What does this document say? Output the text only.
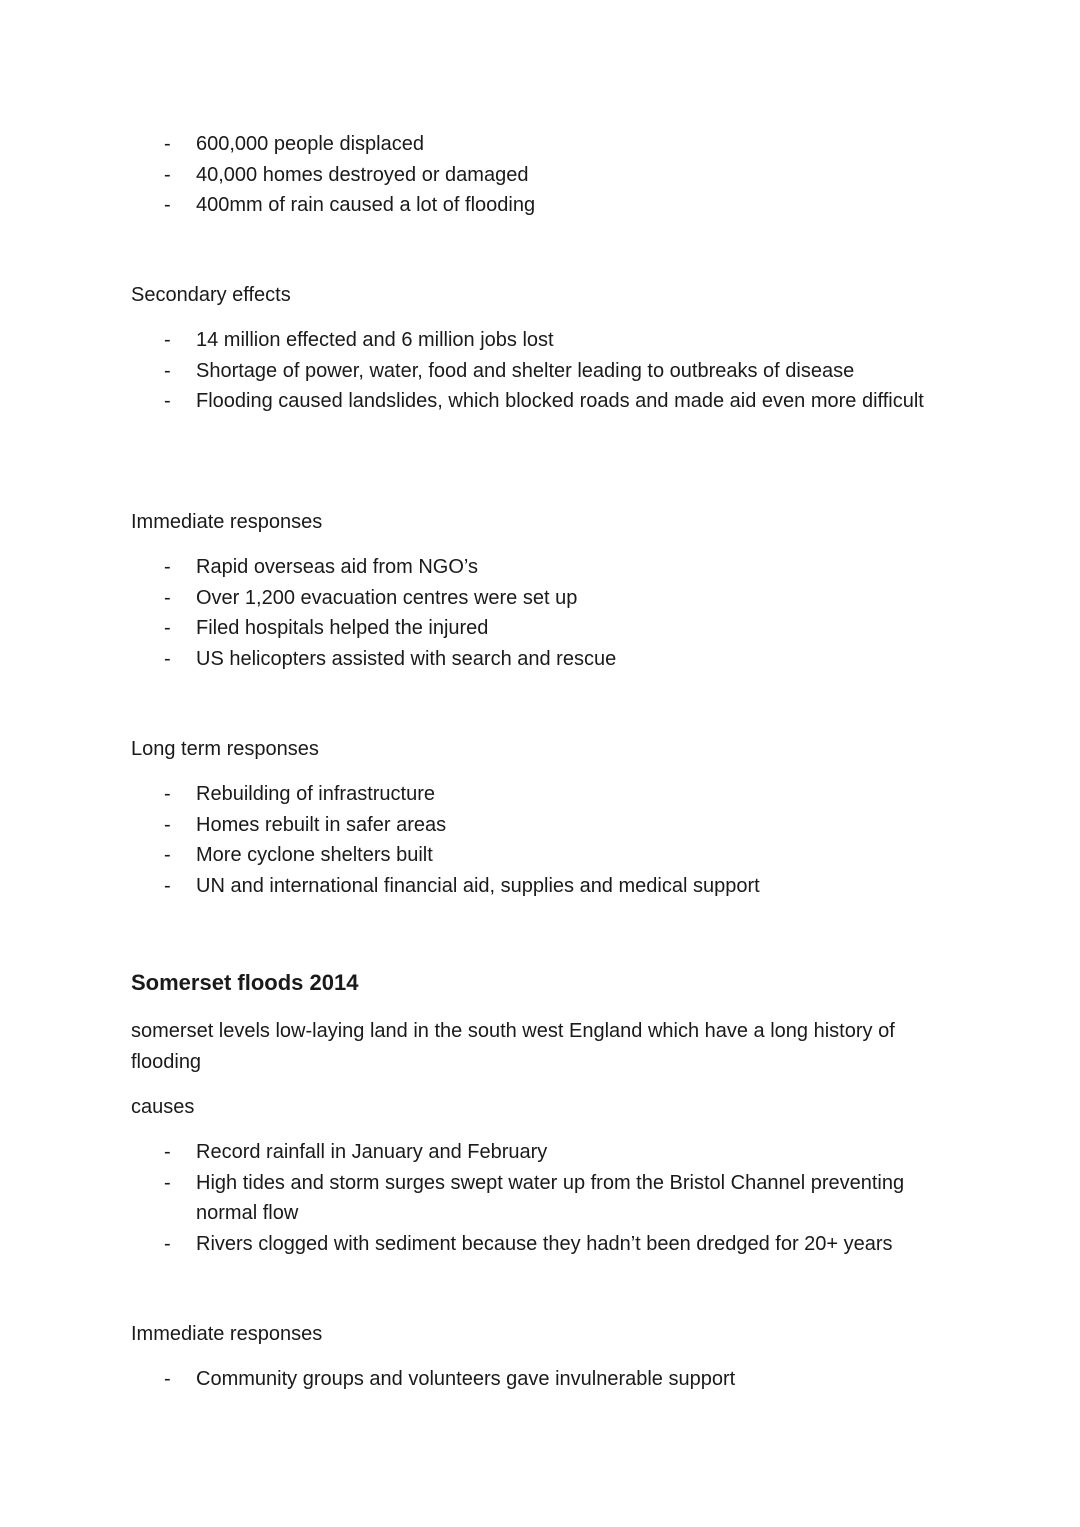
- 600,000 people displaced
- 40,000 homes destroyed or damaged
- 400mm of rain caused a lot of flooding
Secondary effects
- 14 million effected and 6 million jobs lost
- Shortage of power, water, food and shelter leading to outbreaks of disease
- Flooding caused landslides, which blocked roads and made aid even more difficult
Immediate responses
- Rapid overseas aid from NGO’s
- Over 1,200 evacuation centres were set up
- Filed hospitals helped the injured
- US helicopters assisted with search and rescue
Long term responses
- Rebuilding of infrastructure
- Homes rebuilt in safer areas
- More cyclone shelters built
- UN and international financial aid, supplies and medical support
Somerset floods 2014
somerset levels low-laying land in the south west England which have a long history of flooding
causes
- Record rainfall in January and February
- High tides and storm surges swept water up from the Bristol Channel preventing normal flow
- Rivers clogged with sediment because they hadn’t been dredged for 20+ years
Immediate responses
- Community groups and volunteers gave invulnerable support
